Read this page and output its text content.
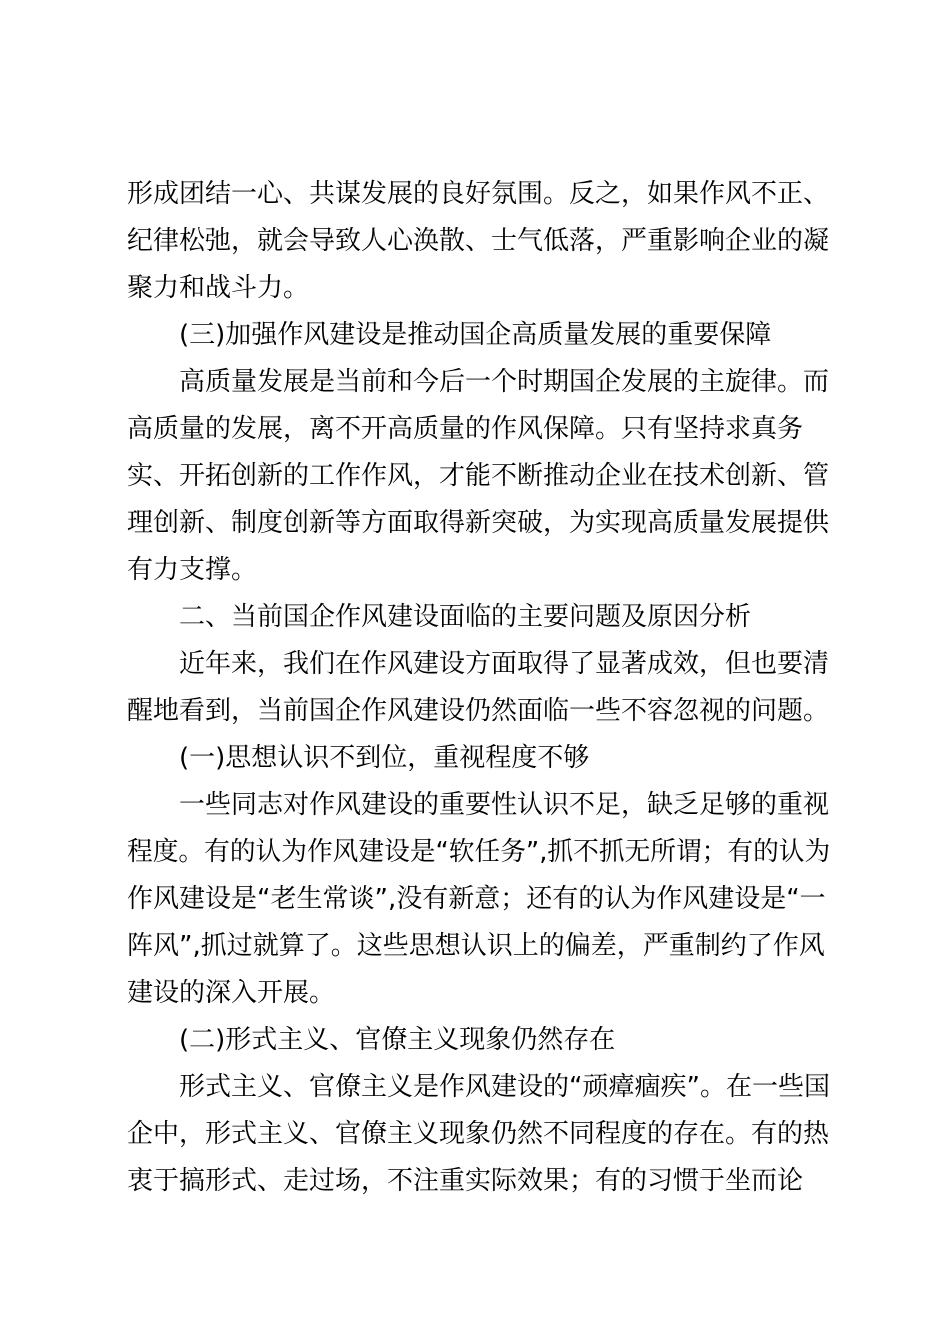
形成团结一心、共谋发展的良好氛围。反之，如果作风不正、
纪律松弛，就会导致人心涣散、士气低落，严重影响企业的凝
聚力和战斗力。
(三)加强作风建设是推动国企高质量发展的重要保障
高质量发展是当前和今后一个时期国企发展的主旋律。而
高质量的发展，离不开高质量的作风保障。只有坚持求真务
实、开拓创新的工作作风，才能不断推动企业在技术创新、管
理创新、制度创新等方面取得新突破，为实现高质量发展提供
有力支撑。
二、当前国企作风建设面临的主要问题及原因分析
近年来，我们在作风建设方面取得了显著成效，但也要清
醒地看到，当前国企作风建设仍然面临一些不容忽视的问题。
(一)思想认识不到位，重视程度不够
一些同志对作风建设的重要性认识不足，缺乏足够的重视
程度。有的认为作风建设是“软任务”,抓不抓无所谓；有的认为
作风建设是“老生常谈”,没有新意；还有的认为作风建设是“一
阵风”,抓过就算了。这些思想认识上的偏差，严重制约了作风
建设的深入开展。
(二)形式主义、官僚主义现象仍然存在
形式主义、官僚主义是作风建设的“顽瘴痼疾”。在一些国
企中，形式主义、官僚主义现象仍然不同程度的存在。有的热
衷于搞形式、走过场，不注重实际效果；有的习惯于坐而论
